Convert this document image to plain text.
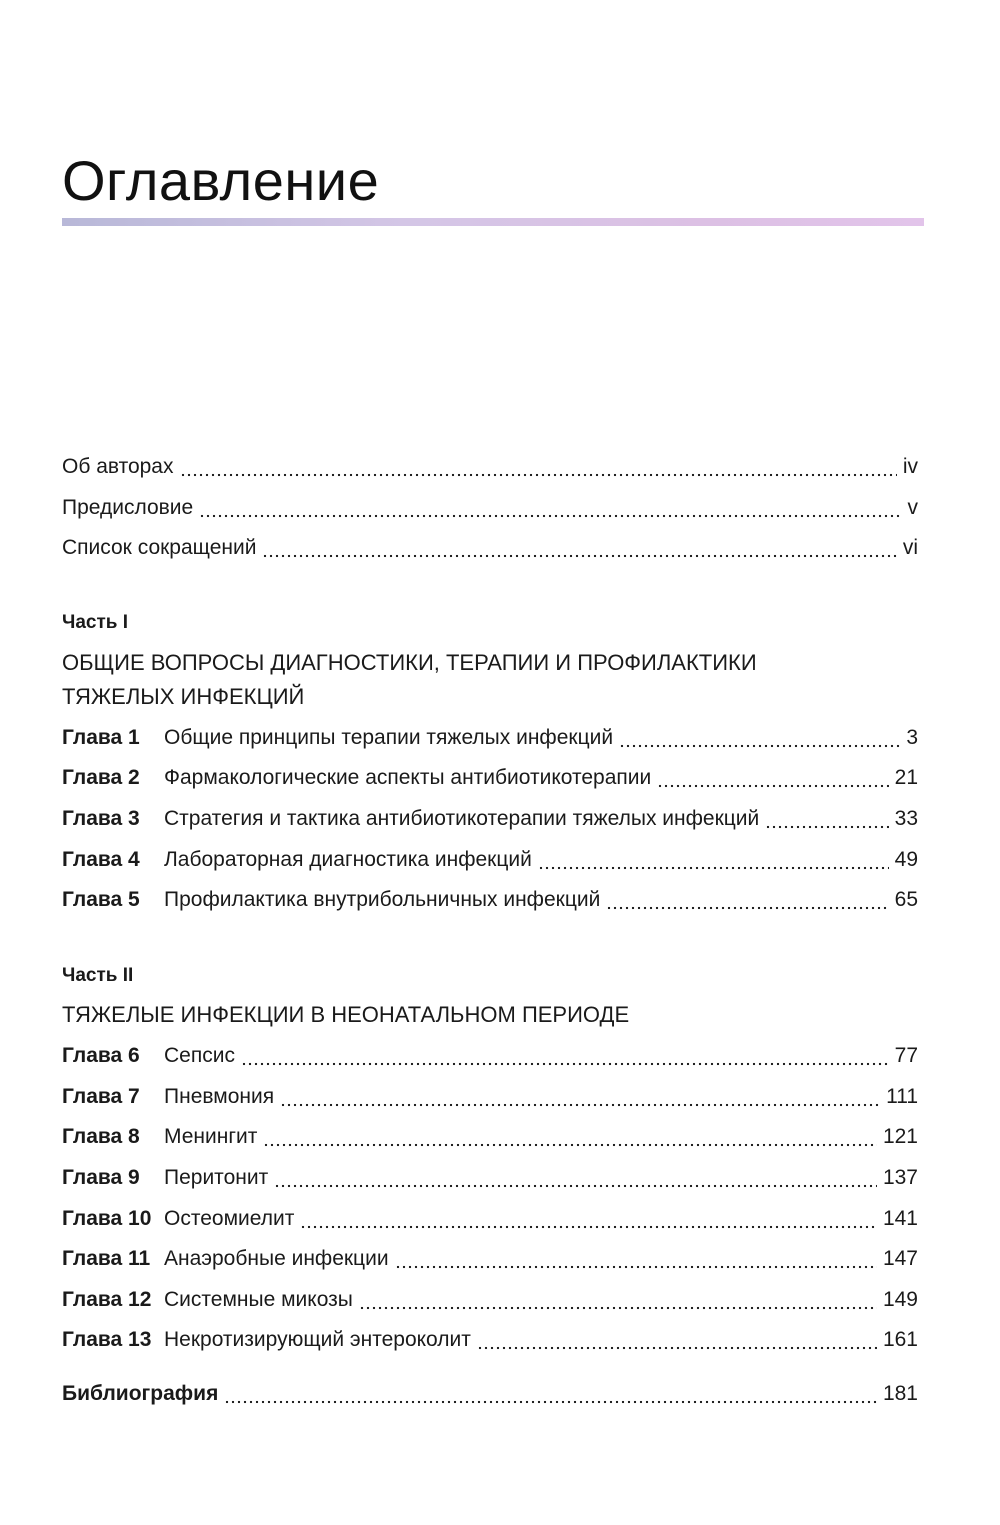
Оглавление
Об авторах	iv
Предисловие	v
Список сокращений	vi
Часть I
ОБЩИЕ ВОПРОСЫ ДИАГНОСТИКИ, ТЕРАПИИ И ПРОФИЛАКТИКИ
ТЯЖЕЛЫХ ИНФЕКЦИЙ
Глава 1	Общие принципы терапии тяжелых инфекций	3
Глава 2	Фармакологические аспекты антибиотикотерапии	21
Глава 3	Стратегия и тактика антибиотикотерапии тяжелых инфекций	33
Глава 4	Лабораторная диагностика инфекций	49
Глава 5	Профилактика внутрибольничных инфекций	65
Часть II
ТЯЖЕЛЫЕ ИНФЕКЦИИ В НЕОНАТАЛЬНОМ ПЕРИОДЕ
Глава 6	Сепсис	77
Глава 7	Пневмония	111
Глава 8	Менингит	121
Глава 9	Перитонит	137
Глава 10 Остеомиелит	141
Глава 11 Анаэробные инфекции	147
Глава 12 Системные микозы	149
Глава 13 Некротизирующий энтероколит	161
Библиография	181
